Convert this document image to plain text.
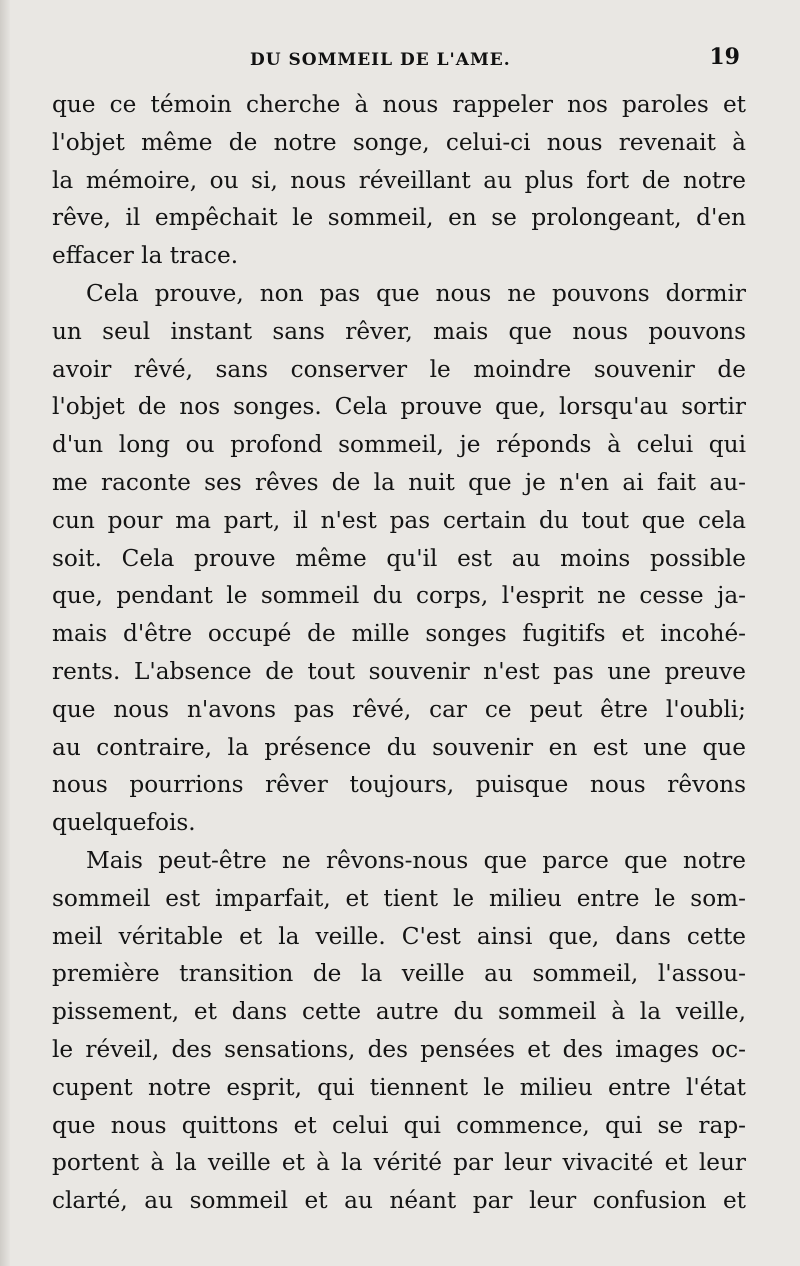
DU SOMMEIL DE L'AME.	19
que ce témoin cherche à nous rappeler nos paroles et
l'objet même de notre songe, celui-ci nous revenait à
la mémoire, ou si, nous réveillant au plus fort de notre
rêve, il empêchait le sommeil, en se prolongeant, d'en
effacer la trace.
Cela prouve, non pas que nous ne pouvons dormir
un seul instant sans rêver, mais que nous pouvons
avoir rêvé, sans conserver le moindre souvenir de
l'objet de nos songes. Cela prouve que, lorsqu'au sortir
d'un long ou profond sommeil, je réponds à celui qui
me raconte ses rêves de la nuit que je n'en ai fait au-
cun pour ma part, il n'est pas certain du tout que cela
soit. Cela prouve même qu'il est au moins possible
que, pendant le sommeil du corps, l'esprit ne cesse ja-
mais d'être occupé de mille songes fugitifs et incohé-
rents. L'absence de tout souvenir n'est pas une preuve
que nous n'avons pas rêvé, car ce peut être l'oubli;
au contraire, la présence du souvenir en est une que
nous pourrions rêver toujours, puisque nous rêvons
quelquefois.
Mais peut-être ne rêvons-nous que parce que notre
sommeil est imparfait, et tient le milieu entre le som-
meil véritable et la veille. C'est ainsi que, dans cette
première transition de la veille au sommeil, l'assou-
pissement, et dans cette autre du sommeil à la veille,
le réveil, des sensations, des pensées et des images oc-
cupent notre esprit, qui tiennent le milieu entre l'état
que nous quittons et celui qui commence, qui se rap-
portent à la veille et à la vérité par leur vivacité et leur
clarté, au sommeil et au néant par leur confusion et
